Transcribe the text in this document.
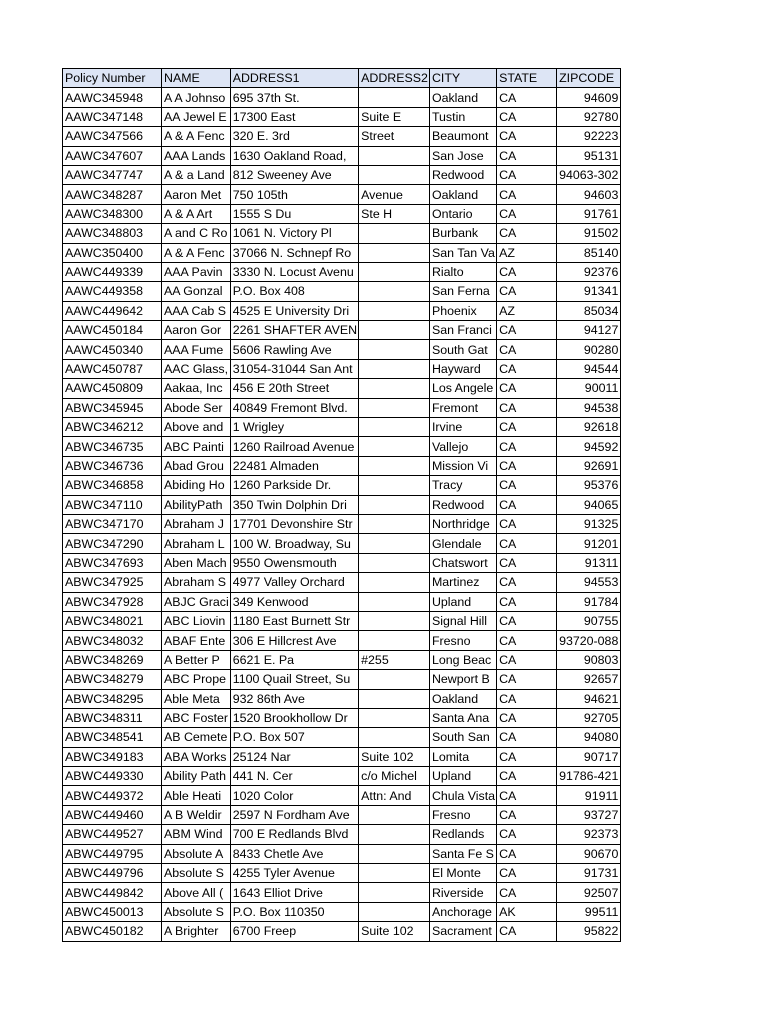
Policy Number	NAME	ADDRESS1	ADDRESS2	CITY	STATE	ZIPCODE
AAWC345948	A A Johnso	695 37th St.		Oakland	CA	94609
AAWC347148	AA Jewel E	17300 East	Suite E	Tustin	CA	92780
AAWC347566	A & A Fenc	320 E. 3rd	Street	Beaumont	CA	92223
AAWC347607	AAA Lands	1630 Oakland Road,		San Jose	CA	95131
AAWC347747	A & a Land	812 Sweeney Ave		Redwood	CA	94063-302
AAWC348287	Aaron Met	750 105th	Avenue	Oakland	CA	94603
AAWC348300	A & A Art	1555 S Du	Ste H	Ontario	CA	91761
AAWC348803	A and C Ro	1061 N. Victory Pl		Burbank	CA	91502
AAWC350400	A & A Fenc	37066 N. Schnepf Ro		San Tan Va	AZ	85140
AAWC449339	AAA Pavin	3330 N. Locust Avenu		Rialto	CA	92376
AAWC449358	AA Gonzal	P.O. Box 408		San Ferna	CA	91341
AAWC449642	AAA Cab S	4525 E University Dri		Phoenix	AZ	85034
AAWC450184	Aaron Gor	2261 SHAFTER AVEN		San Franci	CA	94127
AAWC450340	AAA Fume	5606 Rawling Ave		South Gat	CA	90280
AAWC450787	AAC Glass,	31054-31044 San Ant		Hayward	CA	94544
AAWC450809	Aakaa, Inc	456 E 20th Street		Los Angele	CA	90011
ABWC345945	Abode Ser	40849 Fremont Blvd.		Fremont	CA	94538
ABWC346212	Above and	1 Wrigley		Irvine	CA	92618
ABWC346735	ABC Painti	1260 Railroad Avenue		Vallejo	CA	94592
ABWC346736	Abad Grou	22481 Almaden		Mission Vi	CA	92691
ABWC346858	Abiding Ho	1260 Parkside Dr.		Tracy	CA	95376
ABWC347110	AbilityPath	350 Twin Dolphin Dri		Redwood	CA	94065
ABWC347170	Abraham J	17701 Devonshire Str		Northridge	CA	91325
ABWC347290	Abraham L	100 W. Broadway, Su		Glendale	CA	91201
ABWC347693	Aben Mach	9550 Owensmouth		Chatswort	CA	91311
ABWC347925	Abraham S	4977 Valley Orchard		Martinez	CA	94553
ABWC347928	ABJC Graci	349 Kenwood		Upland	CA	91784
ABWC348021	ABC Liovin	1180 East Burnett Str		Signal Hill	CA	90755
ABWC348032	ABAF Ente	306 E Hillcrest Ave		Fresno	CA	93720-088
ABWC348269	A Better P	6621 E. Pa	#255	Long Beac	CA	90803
ABWC348279	ABC Prope	1100 Quail Street, Su		Newport B	CA	92657
ABWC348295	Able Meta	932 86th Ave		Oakland	CA	94621
ABWC348311	ABC Foster	1520 Brookhollow Dr		Santa Ana	CA	92705
ABWC348541	AB Cemete	P.O. Box 507		South San	CA	94080
ABWC349183	ABA Works	25124 Nar	Suite 102	Lomita	CA	90717
ABWC449330	Ability Path	441 N. Cer	c/o Michel	Upland	CA	91786-421
ABWC449372	Able Heati	1020 Color	Attn: And	Chula Vista	CA	91911
ABWC449460	A B Weldir	2597 N Fordham Ave		Fresno	CA	93727
ABWC449527	ABM Wind	700 E Redlands Blvd		Redlands	CA	92373
ABWC449795	Absolute A	8433 Chetle Ave		Santa Fe S	CA	90670
ABWC449796	Absolute S	4255 Tyler Avenue		El Monte	CA	91731
ABWC449842	Above All (	1643 Elliot Drive		Riverside	CA	92507
ABWC450013	Absolute S	P.O. Box 110350		Anchorage	AK	99511
ABWC450182	A Brighter	6700 Freep	Suite 102	Sacrament	CA	95822
